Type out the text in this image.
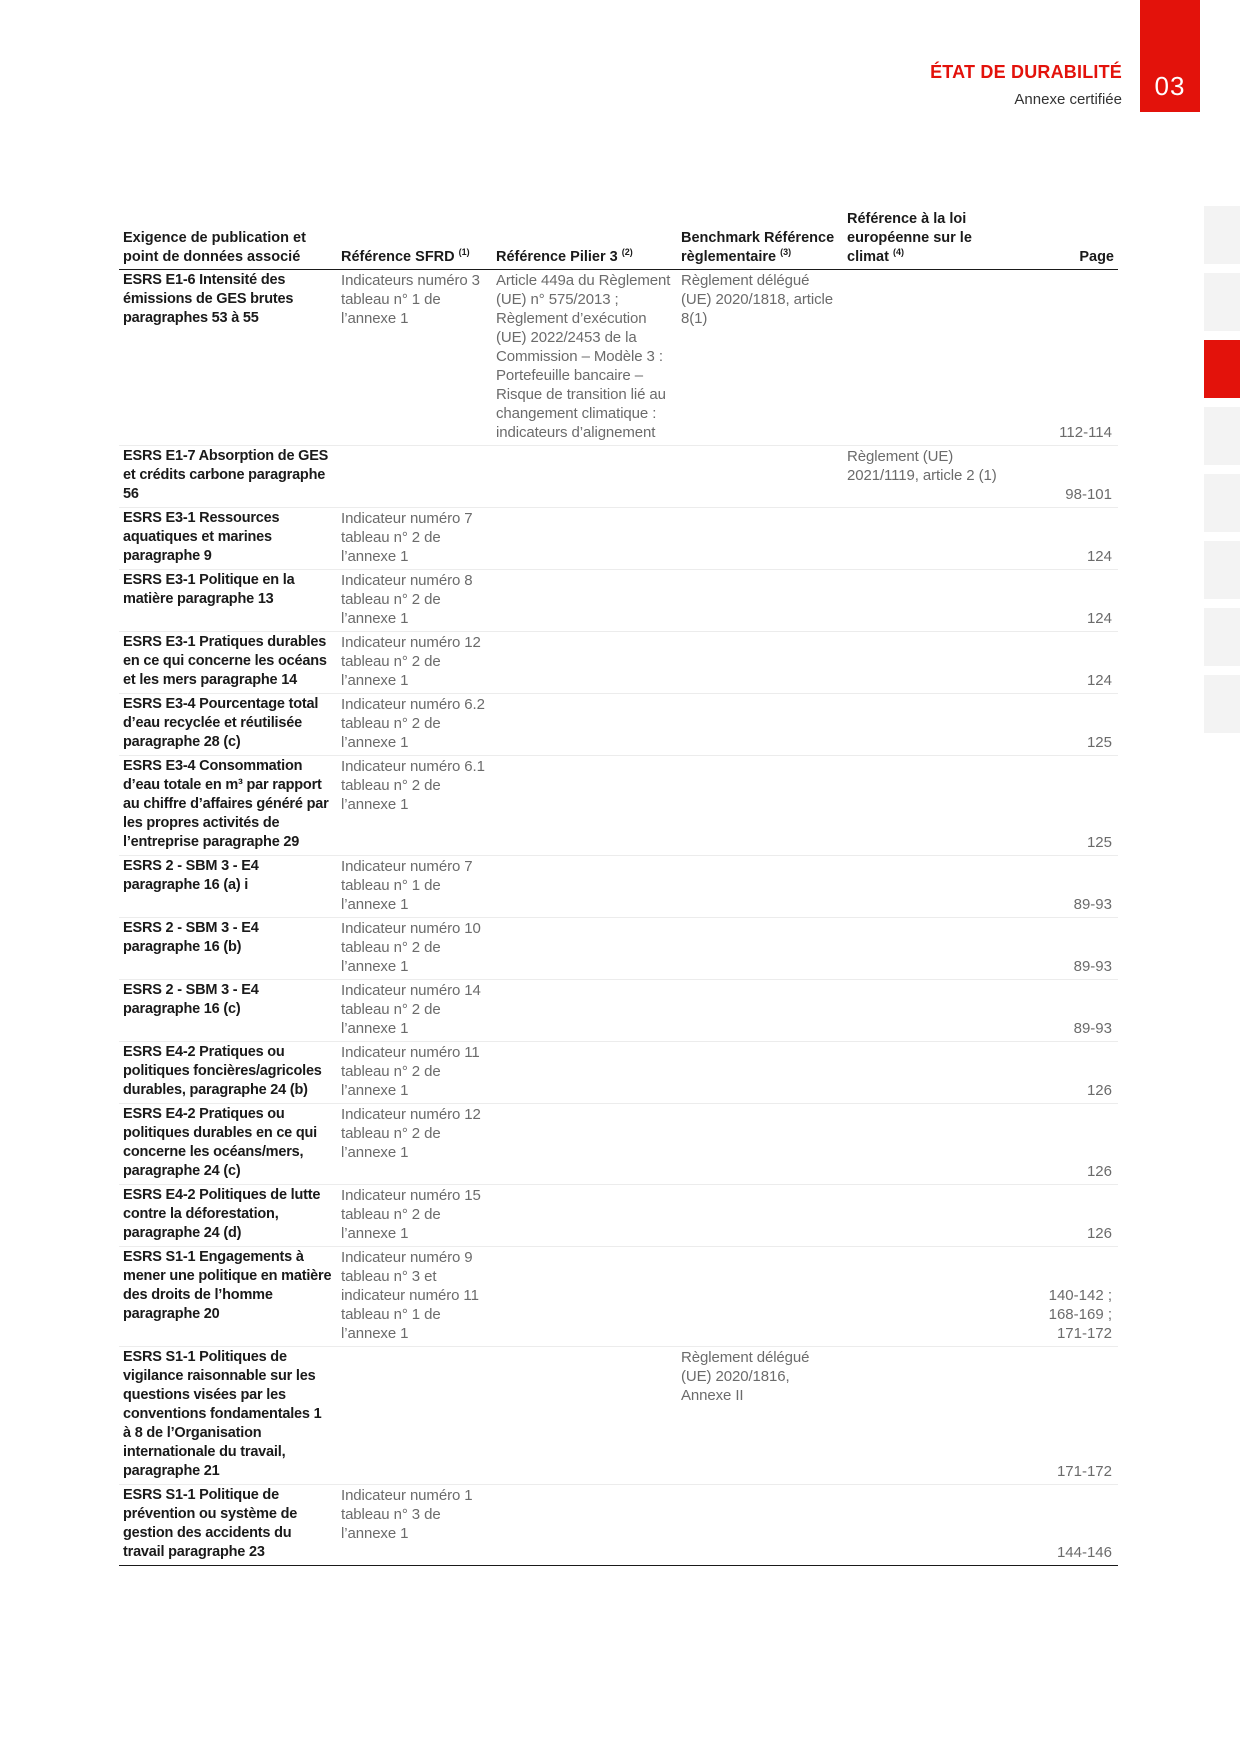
03
ÉTAT DE DURABILITÉ
Annexe certifiée
Exigence de publication et point de données associé	Référence SFRD $^{(1)}$	Référence Pilier 3 $^{(2)}$	Benchmark Référence règlementaire $^{(3)}$	Référence à la loi européenne sur le climat $^{(4)}$	Page
ESRS E1-6 Intensité des émissions de GES brutes paragraphes 53 à 55	Indicateurs numéro 3 tableau n° 1 de l’annexe 1	Article 449a du Règlement (UE) n° 575/2013 ; Règlement d’exécution (UE) 2022/2453 de la Commission – Modèle 3 : Portefeuille bancaire – Risque de transition lié au changement climatique : indicateurs d’alignement	Règlement délégué (UE) 2020/1818, article 8(1)		112-114
ESRS E1-7 Absorption de GES et crédits carbone paragraphe 56				Règlement (UE) 2021/1119, article 2 (1)	98-101
ESRS E3-1 Ressources aquatiques et marines paragraphe 9	Indicateur numéro 7 tableau n° 2 de l’annexe 1				124
ESRS E3-1 Politique en la matière paragraphe 13	Indicateur numéro 8 tableau n° 2 de l’annexe 1				124
ESRS E3-1 Pratiques durables en ce qui concerne les océans et les mers paragraphe 14	Indicateur numéro 12 tableau n° 2 de l’annexe 1				124
ESRS E3-4 Pourcentage total d’eau recyclée et réutilisée paragraphe 28 (c)	Indicateur numéro 6.2 tableau n° 2 de l’annexe 1				125
ESRS E3-4 Consommation d’eau totale en m³ par rapport au chiffre d’affaires généré par les propres activités de l’entreprise paragraphe 29	Indicateur numéro 6.1 tableau n° 2 de l’annexe 1				125
ESRS 2 - SBM 3 - E4 paragraphe 16 (a) i	Indicateur numéro 7 tableau n° 1 de l’annexe 1				89-93
ESRS 2 - SBM 3 - E4 paragraphe 16 (b)	Indicateur numéro 10 tableau n° 2 de l’annexe 1				89-93
ESRS 2 - SBM 3 - E4 paragraphe 16 (c)	Indicateur numéro 14 tableau n° 2 de l’annexe 1				89-93
ESRS E4-2 Pratiques ou politiques foncières/agricoles durables, paragraphe 24 (b)	Indicateur numéro 11 tableau n° 2 de l’annexe 1				126
ESRS E4-2 Pratiques ou politiques durables en ce qui concerne les océans/mers, paragraphe 24 (c)	Indicateur numéro 12 tableau n° 2 de l’annexe 1				126
ESRS E4-2 Politiques de lutte contre la déforestation, paragraphe 24 (d)	Indicateur numéro 15 tableau n° 2 de l’annexe 1				126
ESRS S1-1 Engagements à mener une politique en matière des droits de l’homme paragraphe 20	Indicateur numéro 9 tableau n° 3 et indicateur numéro 11 tableau n° 1 de l’annexe 1				140-142 ;
168-169 ;
171-172
ESRS S1-1 Politiques de vigilance raisonnable sur les questions visées par les conventions fondamentales 1 à 8 de l’Organisation internationale du travail, paragraphe 21			Règlement délégué (UE) 2020/1816, Annexe II		171-172
ESRS S1-1 Politique de prévention ou système de gestion des accidents du travail paragraphe 23	Indicateur numéro 1 tableau n° 3 de l’annexe 1				144-146
